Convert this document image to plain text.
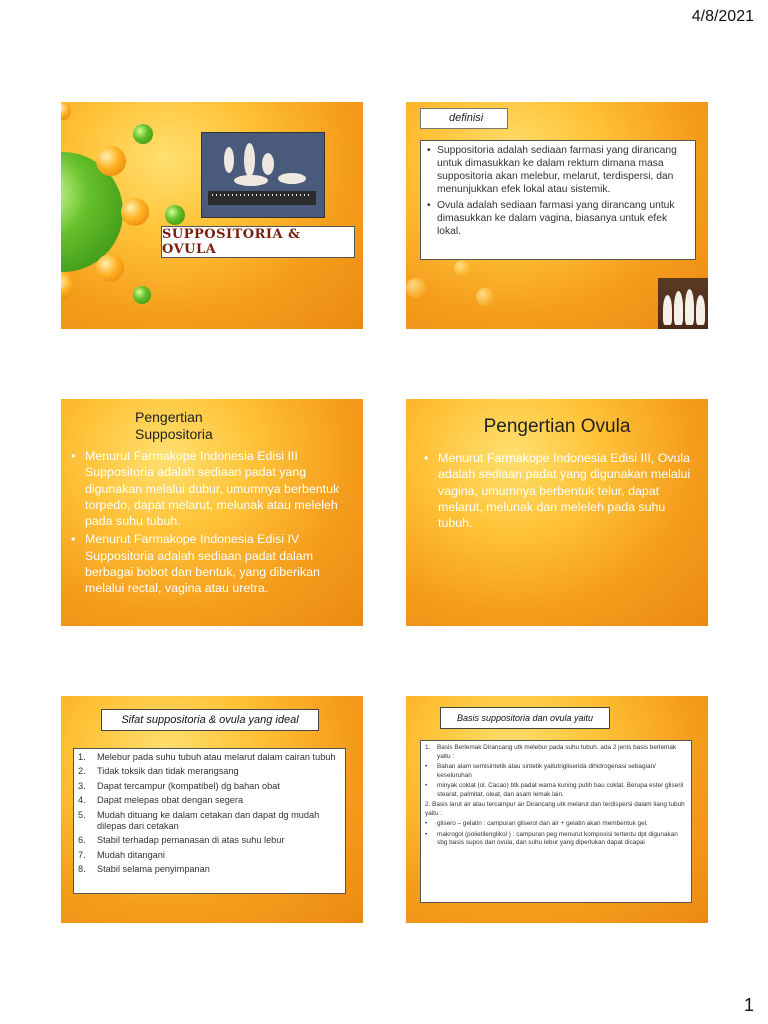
4/8/2021
SUPPOSITORIA & OVULA

definisi
• Suppositoria adalah sediaan farmasi yang dirancang untuk dimasukkan ke dalam rektum dimana masa suppositoria akan melebur, melarut, terdispersi, dan menunjukkan efek lokal atau sistemik.
• Ovula adalah sediaan farmasi yang dirancang untuk dimasukkan ke dalam vagina, biasanya untuk efek lokal.
Pengertian
Suppositoria
• Menurut Farmakope Indonesia Edisi III Suppositoria adalah sediaan padat yang digunakan melalui dubur, umumnya berbentuk torpedo, dapat melarut, melunak atau meleleh pada suhu tubuh.
• Menurut Farmakope Indonesia Edisi IV Suppositoria adalah sediaan padat dalam berbagai bobot dan bentuk, yang diberikan melalui rectal, vagina atau uretra.
Pengertian Ovula
• Menurut Farmakope Indonesia Edisi III, Ovula adalah sediaan padat yang digunakan melalui vagina, umumnya berbentuk telur, dapat melarut, melunak dan meleleh pada suhu tubuh.
Sifat suppositoria & ovula yang ideal
1.	Melebur pada suhu tubuh atau melarut dalam cairan tubuh
2.	Tidak toksik dan tidak merangsang
3.	Dapat tercampur (kompatibel) dg bahan obat
4.	Dapat melepas obat dengan segera
5.	Mudah dituang ke dalam cetakan dan dapat dg mudah dilepas dari cetakan
6.	Stabil terhadap pemanasan di atas suhu lebur
7.	Mudah ditangani
8.	Stabil selama penyimpanan
Basis suppositoria dan ovula yaitu
1.	Basis Berlemak Dirancang utk melebur pada suhu tubuh. ada 2 jenis basis berlemak yaitu :
•	Bahan alam semisintetik atau sintetik yaitutrigliserida dihidrogenasi sebagian/ keseluruhan
•	minyak coklat (ol. Cacao) btk padat warna kuning putih bau coklat. Berupa ester gliseril stearat, palmitat, oleat, dan asam lemak lain.
2. Basis larut air atau tercampur air Dirancang utk melarut dan terdispersi dalam liang tubuh yaitu :
•	glisero – gelatin : campuran gliserol dan air + gelatin akan membentuk gel.
•	makrogol (polietilenglikol ) : campuran peg menurut komposisi tertentu dpt digunakan sbg basis supos dan ovula, dan suhu lebur yang diperlukan dapat dicapai
1
